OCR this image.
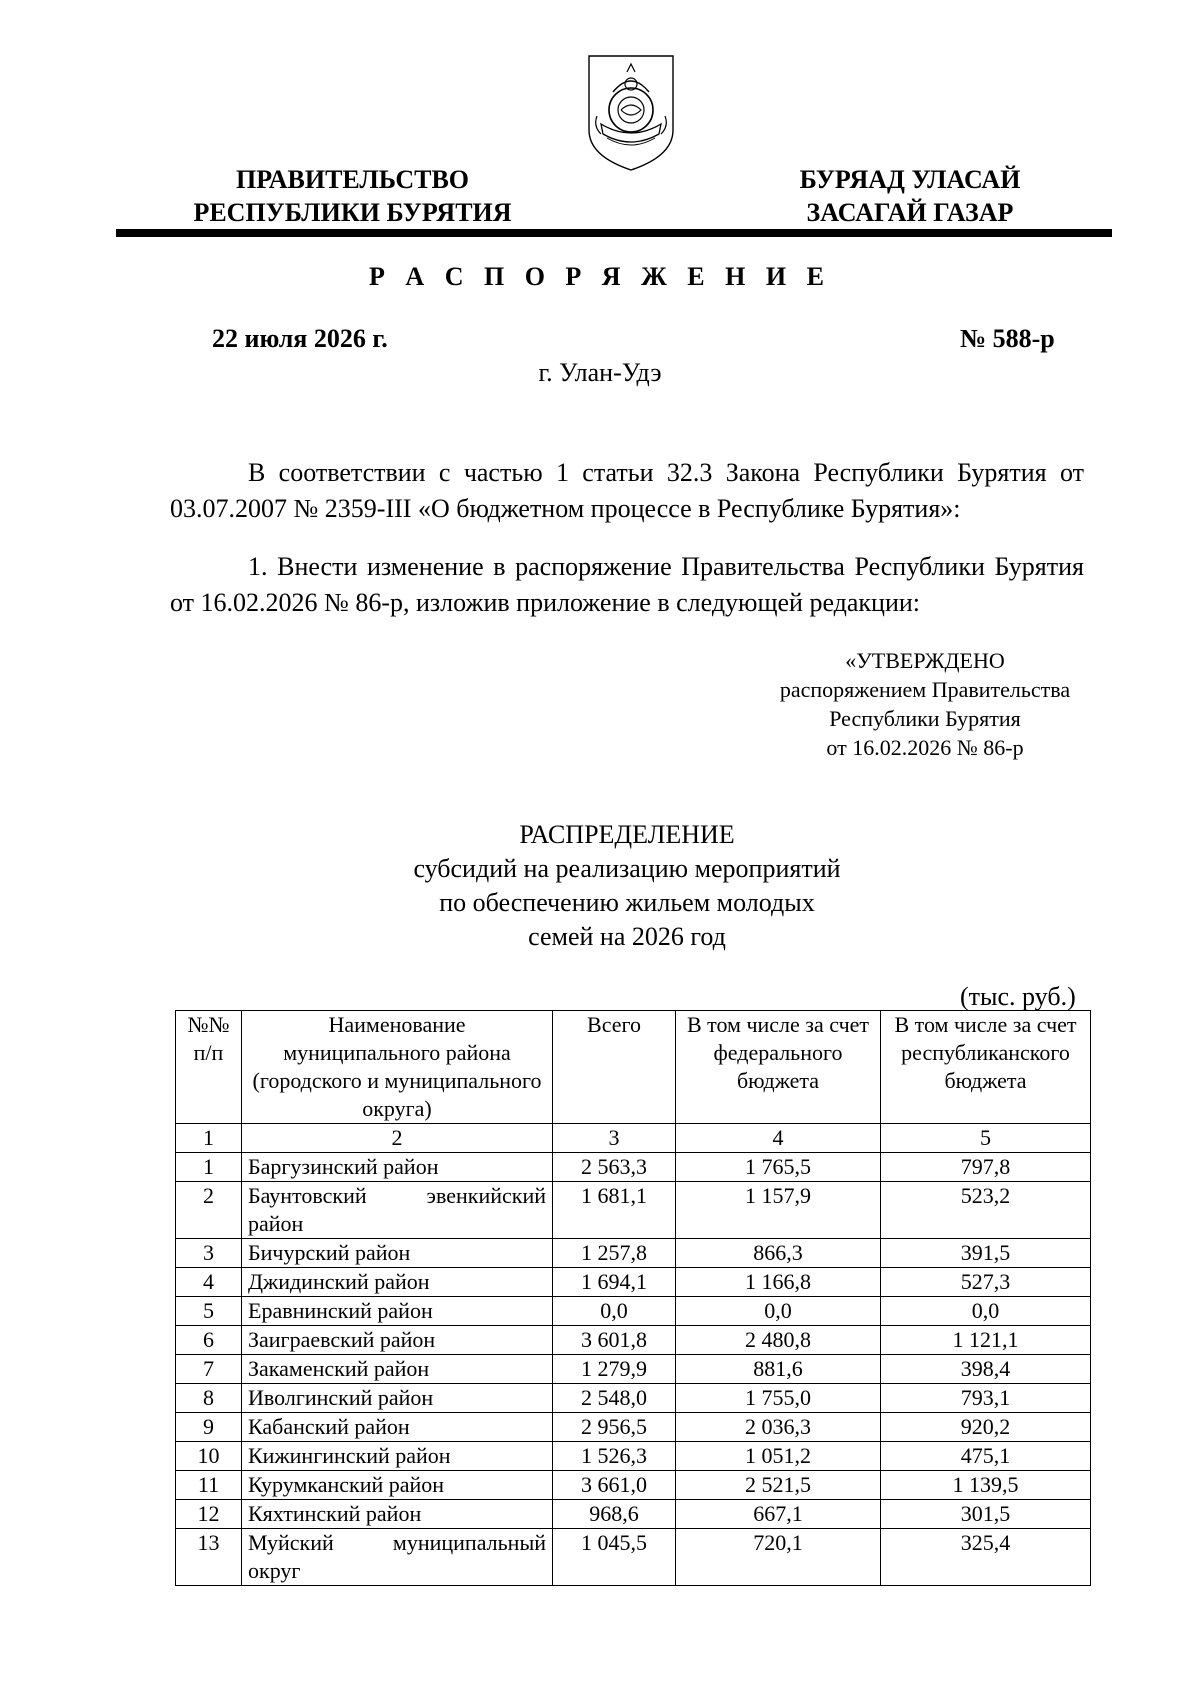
ПРАВИТЕЛЬСТВО
РЕСПУБЛИКИ БУРЯТИЯ
БУРЯАД УЛАСАЙ
ЗАСАГАЙ ГАЗАР
Р А С П О Р Я Ж Е Н И Е
22 июля 2026 г.	№ 588-р
г. Улан-Удэ
В соответствии с частью 1 статьи 32.3 Закона Республики Бурятия от 03.07.2007 № 2359-III «О бюджетном процессе в Республике Бурятия»:
1. Внести изменение в распоряжение Правительства Республики Бурятия от 16.02.2026 № 86-р, изложив приложение в следующей редакции:
«УТВЕРЖДЕНО
распоряжением Правительства
Республики Бурятия
от 16.02.2026 № 86-р
РАСПРЕДЕЛЕНИЕ
субсидий на реализацию мероприятий
по обеспечению жильем молодых
семей на 2026 год
(тыс. руб.)
№№ п/п	Наименование муниципального района (городского и муниципального округа)	Всего	В том числе за счет федерального бюджета	В том числе за счет республиканского бюджета
1	2	3	4	5
1	Баргузинский район	2 563,3	1 765,5	797,8
2	Баунтовский эвенкийский район	1 681,1	1 157,9	523,2
3	Бичурский район	1 257,8	866,3	391,5
4	Джидинский район	1 694,1	1 166,8	527,3
5	Еравнинский район	0,0	0,0	0,0
6	Заиграевский район	3 601,8	2 480,8	1 121,1
7	Закаменский район	1 279,9	881,6	398,4
8	Иволгинский район	2 548,0	1 755,0	793,1
9	Кабанский район	2 956,5	2 036,3	920,2
10	Кижингинский район	1 526,3	1 051,2	475,1
11	Курумканский район	3 661,0	2 521,5	1 139,5
12	Кяхтинский район	968,6	667,1	301,5
13	Муйский муниципальный округ	1 045,5	720,1	325,4
